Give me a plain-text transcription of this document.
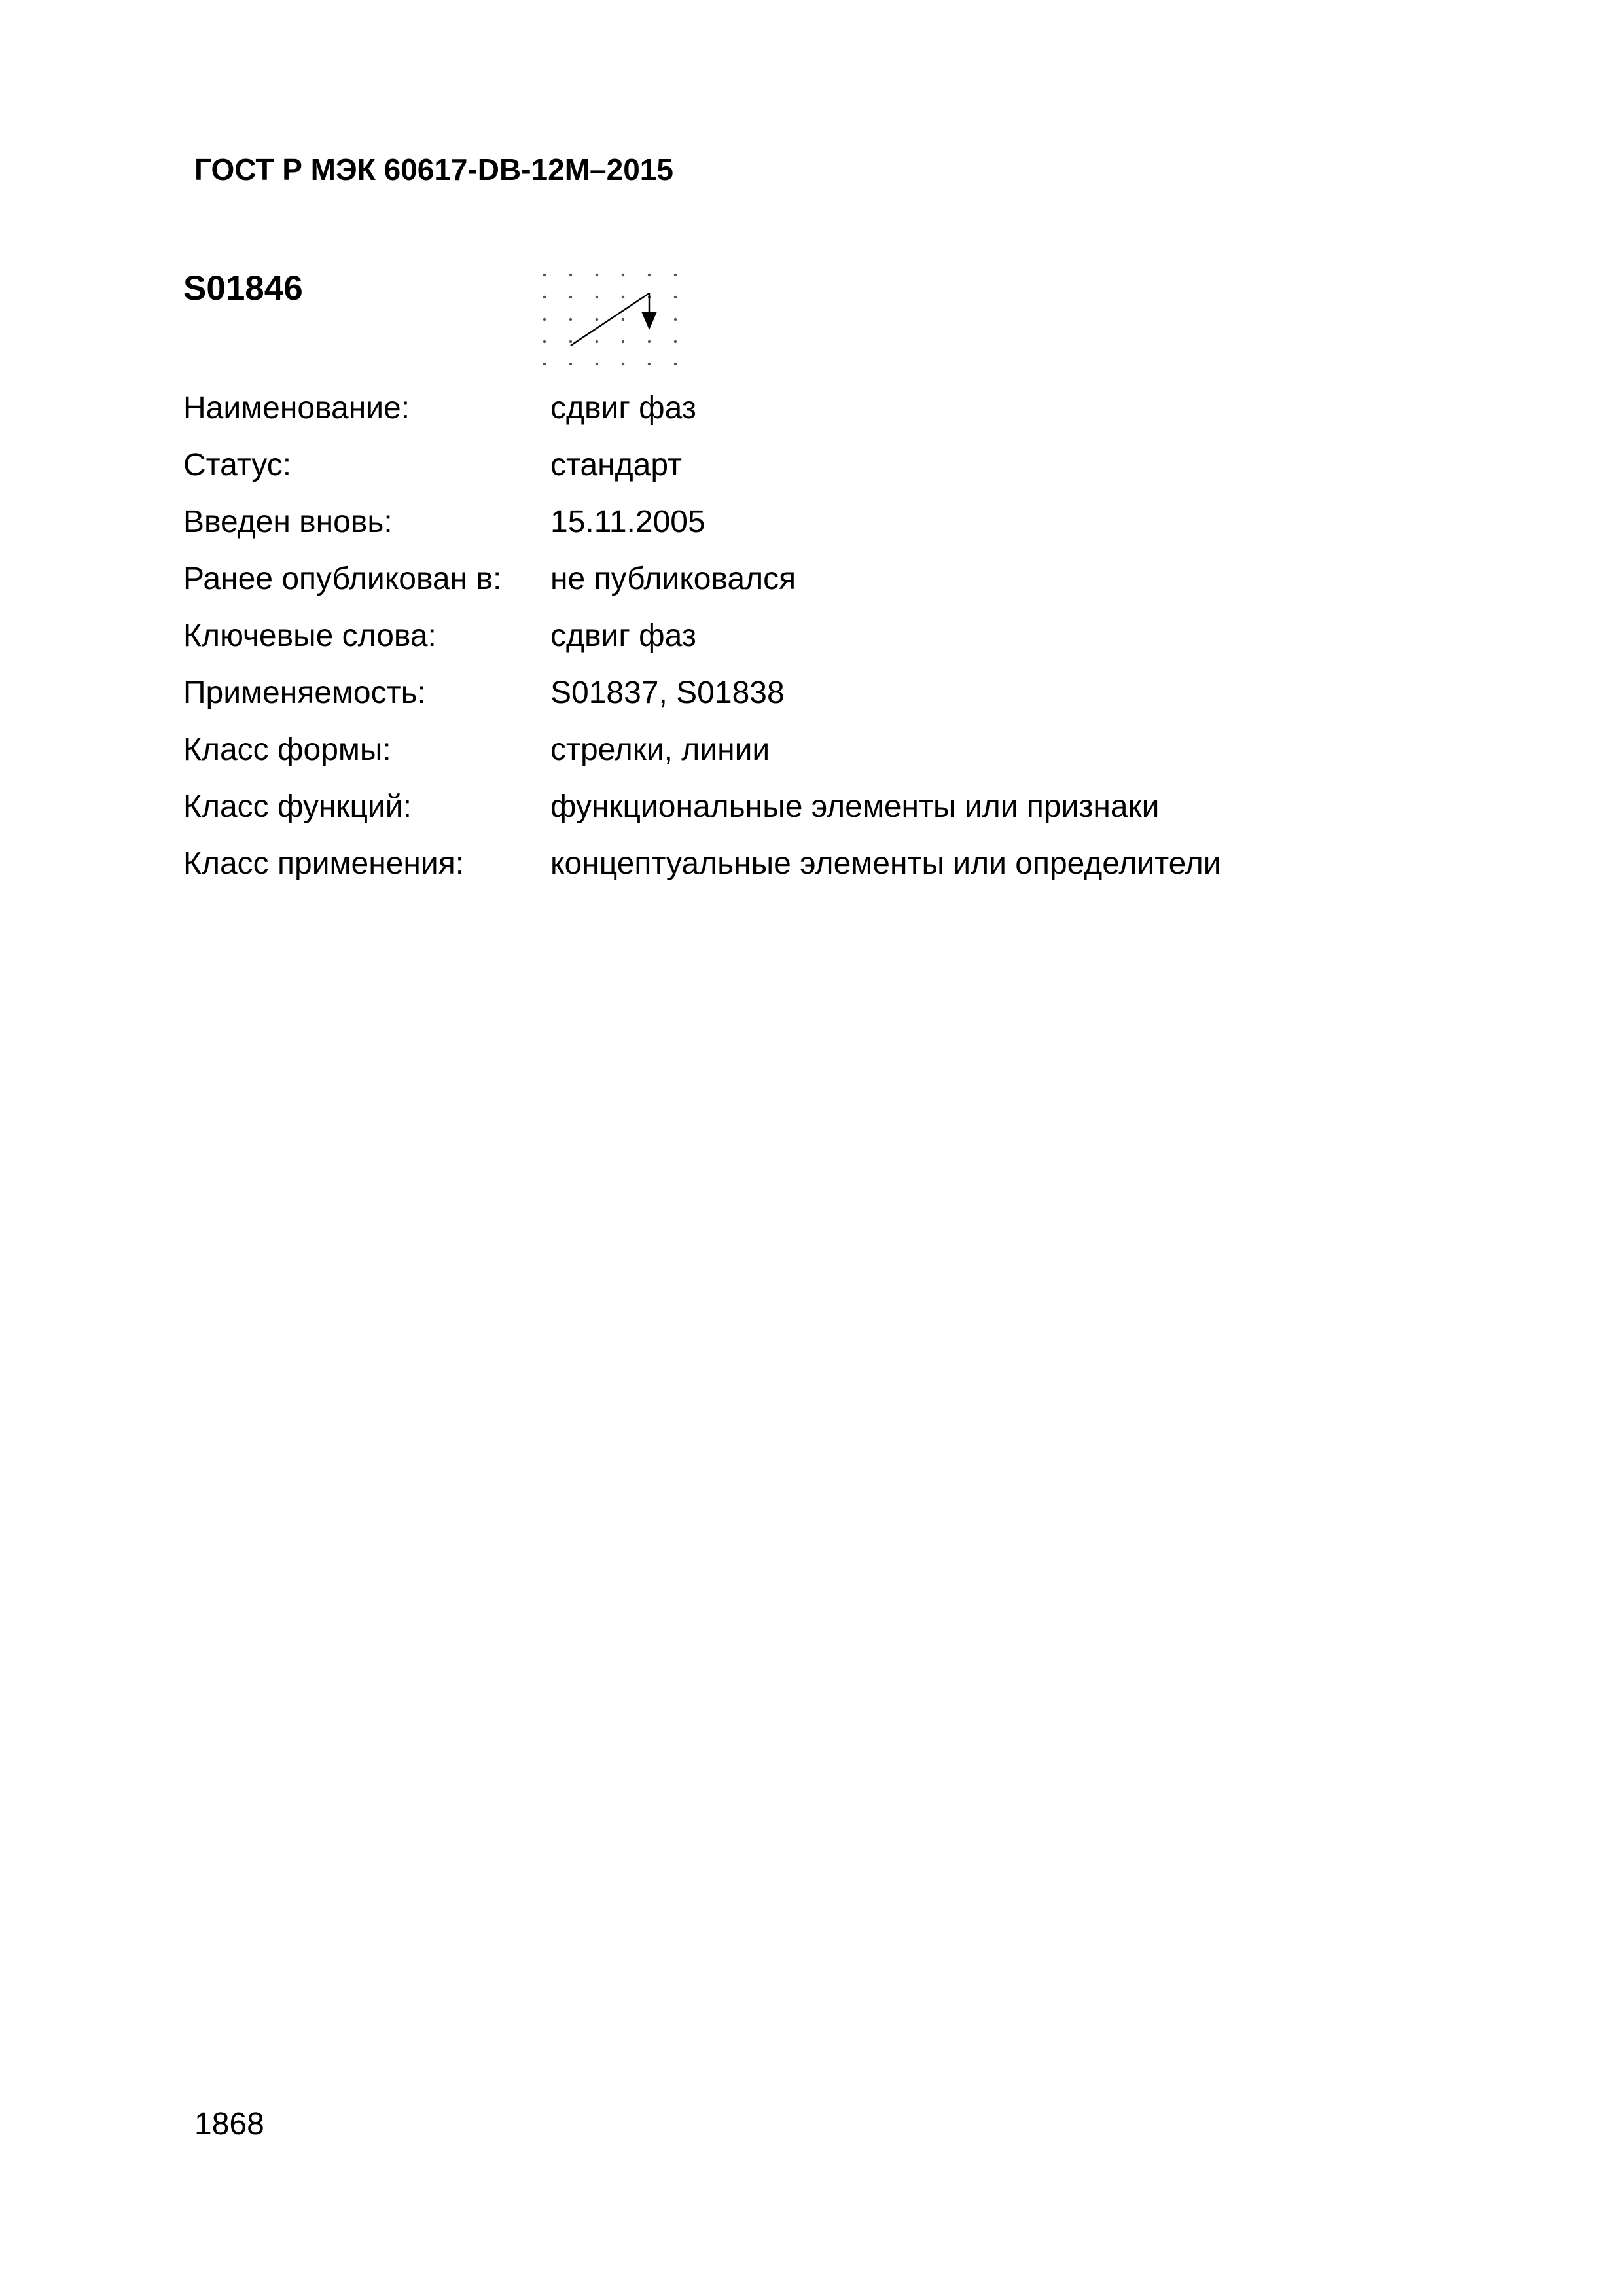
ГОСТ Р МЭК 60617-DB-12M–2015
S01846
Наименование:	сдвиг фаз
Статус:	стандарт
Введен вновь:	15.11.2005
Ранее опубликован в:	не публиковался
Ключевые слова:	сдвиг фаз
Применяемость:	S01837, S01838
Класс формы:	стрелки, линии
Класс функций:	функциональные элементы или признаки
Класс применения:	концептуальные элементы или определители
1868
